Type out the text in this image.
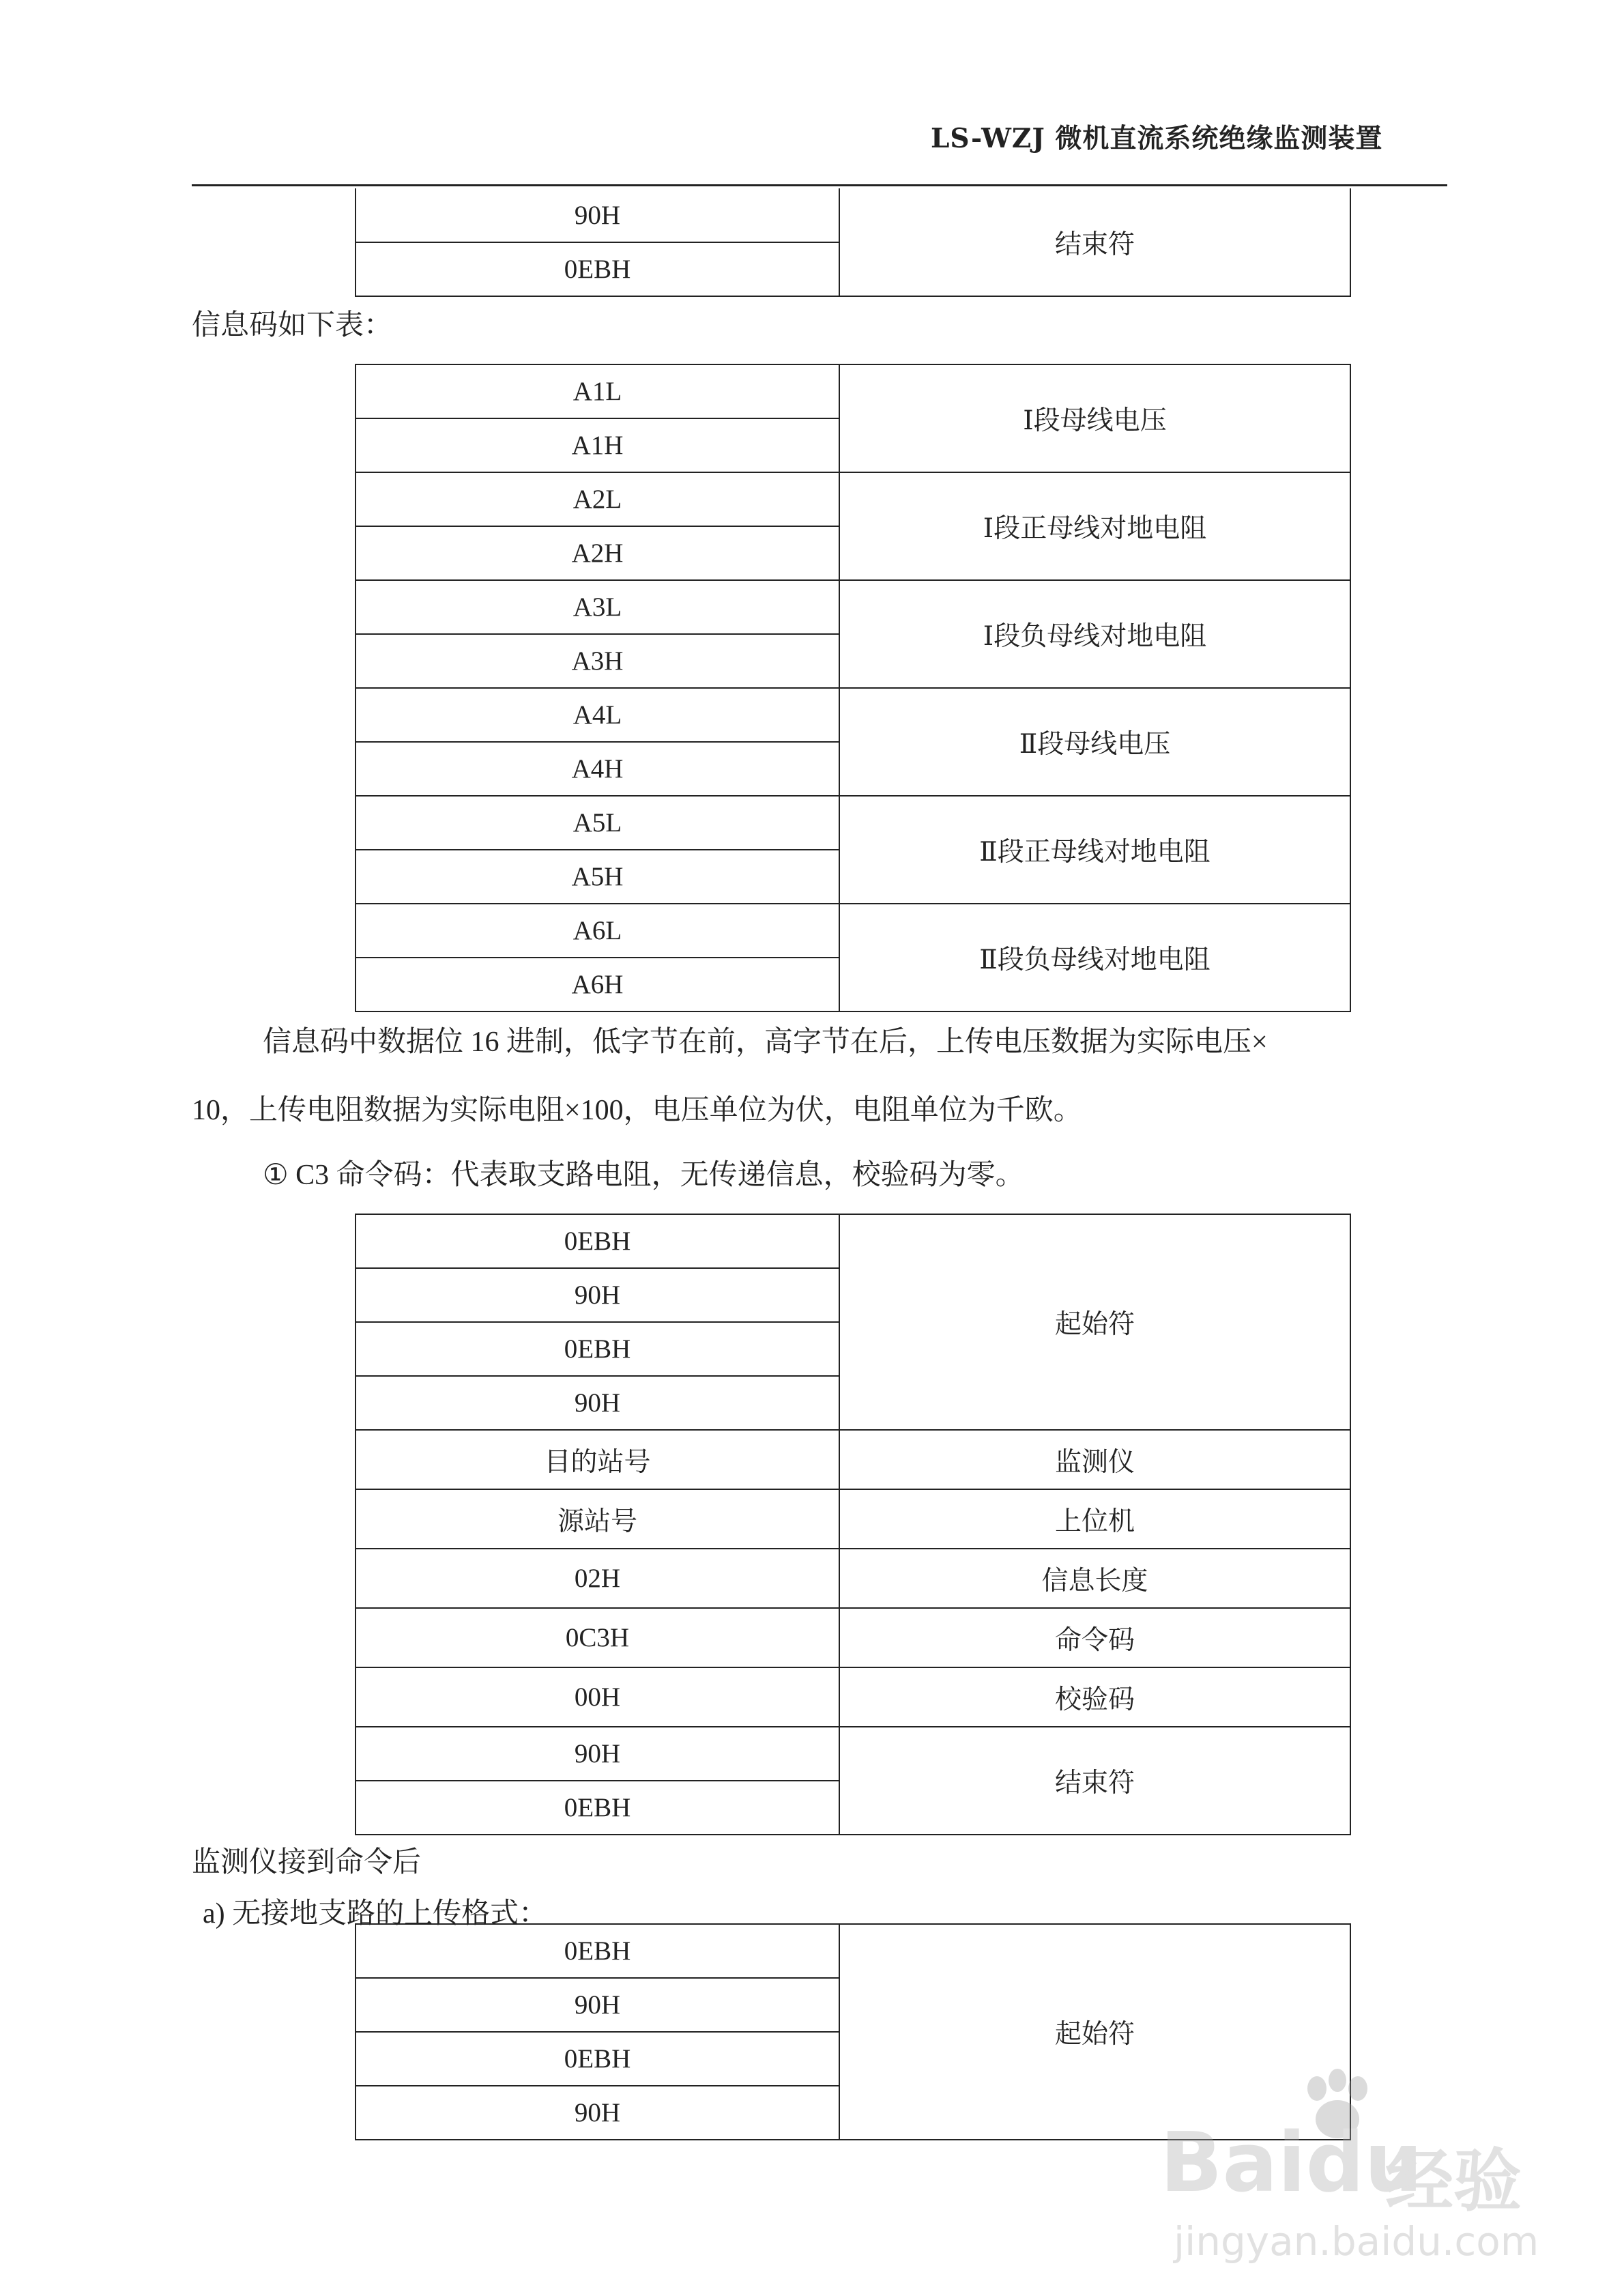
LS-WZJ 微机直流系统绝缘监测装置
90H	结束符
0EBH
信息码如下表：
A1L	Ⅰ段母线电压
A1H	
A2L	Ⅰ段正母线对地电阻
A2H	
A3L	Ⅰ段负母线对地电阻
A3H	
A4L	Ⅱ段母线电压
A4H	
A5L	Ⅱ段正母线对地电阻
A5H	
A6L	Ⅱ段负母线对地电阻
A6H	
信息码中数据位 16 进制，低字节在前，高字节在后，上传电压数据为实际电压×
10，上传电阻数据为实际电阻×100，电压单位为伏，电阻单位为千欧。
① C3 命令码：代表取支路电阻，无传递信息，校验码为零。
0EBH	起始符
90H	
0EBH	
90H	
目的站号	监测仪
源站号	上位机
02H	信息长度
0C3H	命令码
00H	校验码
90H	结束符
0EBH	
监测仪接到命令后
a) 无接地支路的上传格式：
0EBH	起始符
90H
0EBH
90H
Baidu
经验
jingyan.baidu.com
